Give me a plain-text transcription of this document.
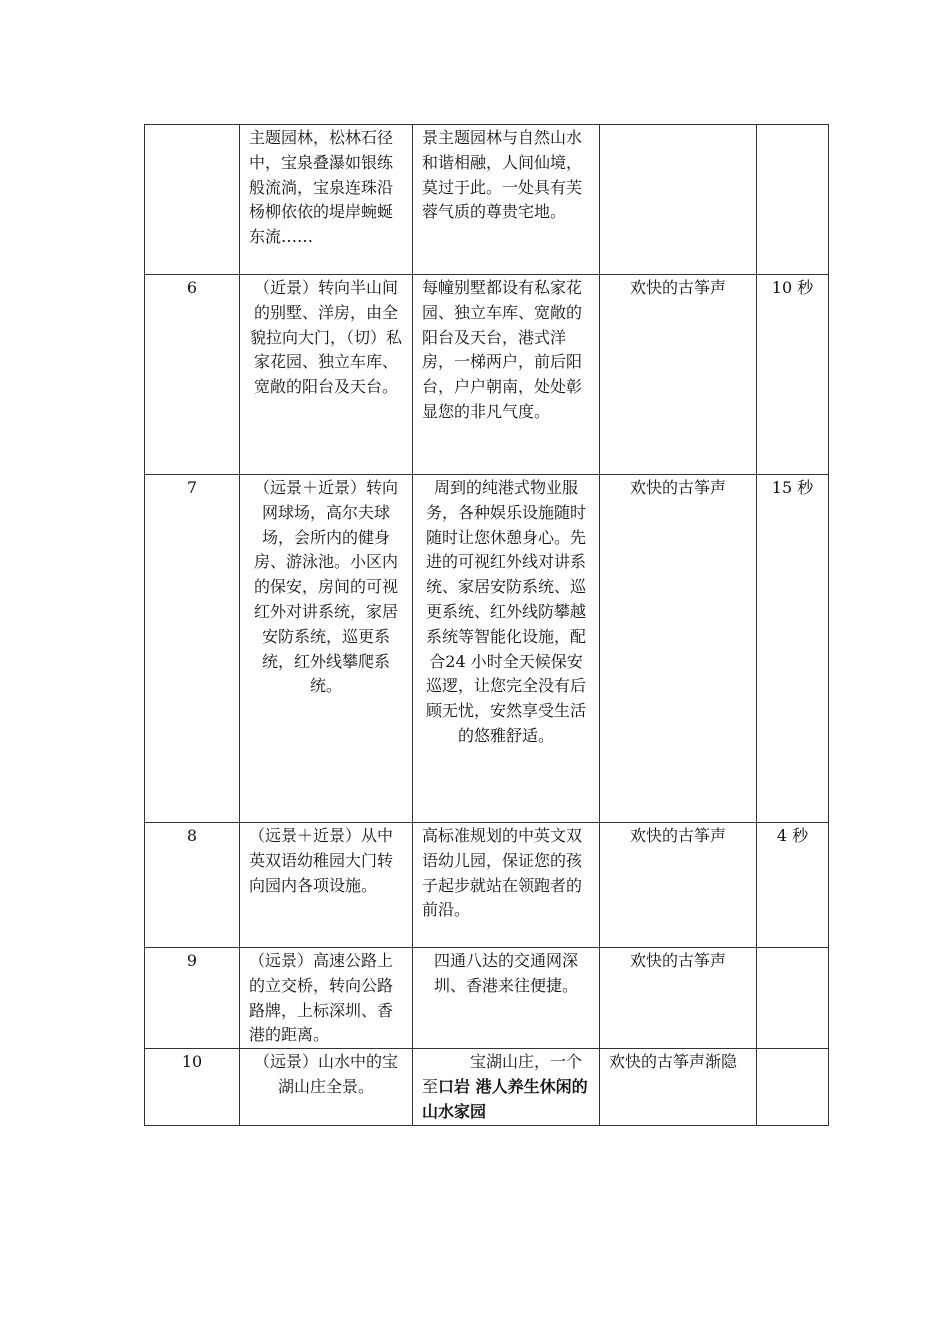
	主题园林，松林石径中，宝泉叠瀑如银练般流淌，宝泉连珠沿杨柳依依的堤岸蜿蜒东流……	景主题园林与自然山水和谐相融，人间仙境，莫过于此。一处具有芙蓉气质的尊贵宅地。		
6	（近景）转向半山间的别墅、洋房，由全貌拉向大门，（切）私家花园、独立车库、宽敞的阳台及天台。	每幢别墅都设有私家花园、独立车库、宽敞的阳台及天台，港式洋房，一梯两户，前后阳台，户户朝南，处处彰显您的非凡气度。	欢快的古筝声	10 秒
7	（远景＋近景）转向网球场，高尔夫球场，会所内的健身房、游泳池。小区内的保安，房间的可视红外对讲系统，家居安防系统，巡更系统，红外线攀爬系统。	周到的纯港式物业服务，各种娱乐设施随时随时让您休憩身心。先进的可视红外线对讲系统、家居安防系统、巡更系统、红外线防攀越系统等智能化设施，配合24 小时全天候保安巡逻，让您完全没有后顾无忧，安然享受生活的悠雅舒适。	欢快的古筝声	15 秒
8	（远景＋近景）从中英双语幼稚园大门转向园内各项设施。	高标准规划的中英文双语幼儿园，保证您的孩子起步就站在领跑者的前沿。	欢快的古筝声	4 秒
9	（远景）高速公路上的立交桥，转向公路路牌，上标深圳、香港的距离。	四通八达的交通网深圳、香港来往便捷。	欢快的古筝声	
10	（远景）山水中的宝湖山庄全景。	宝湖山庄，一个至口岩 港人养生休闲的山水家园	欢快的古筝声渐隐	
